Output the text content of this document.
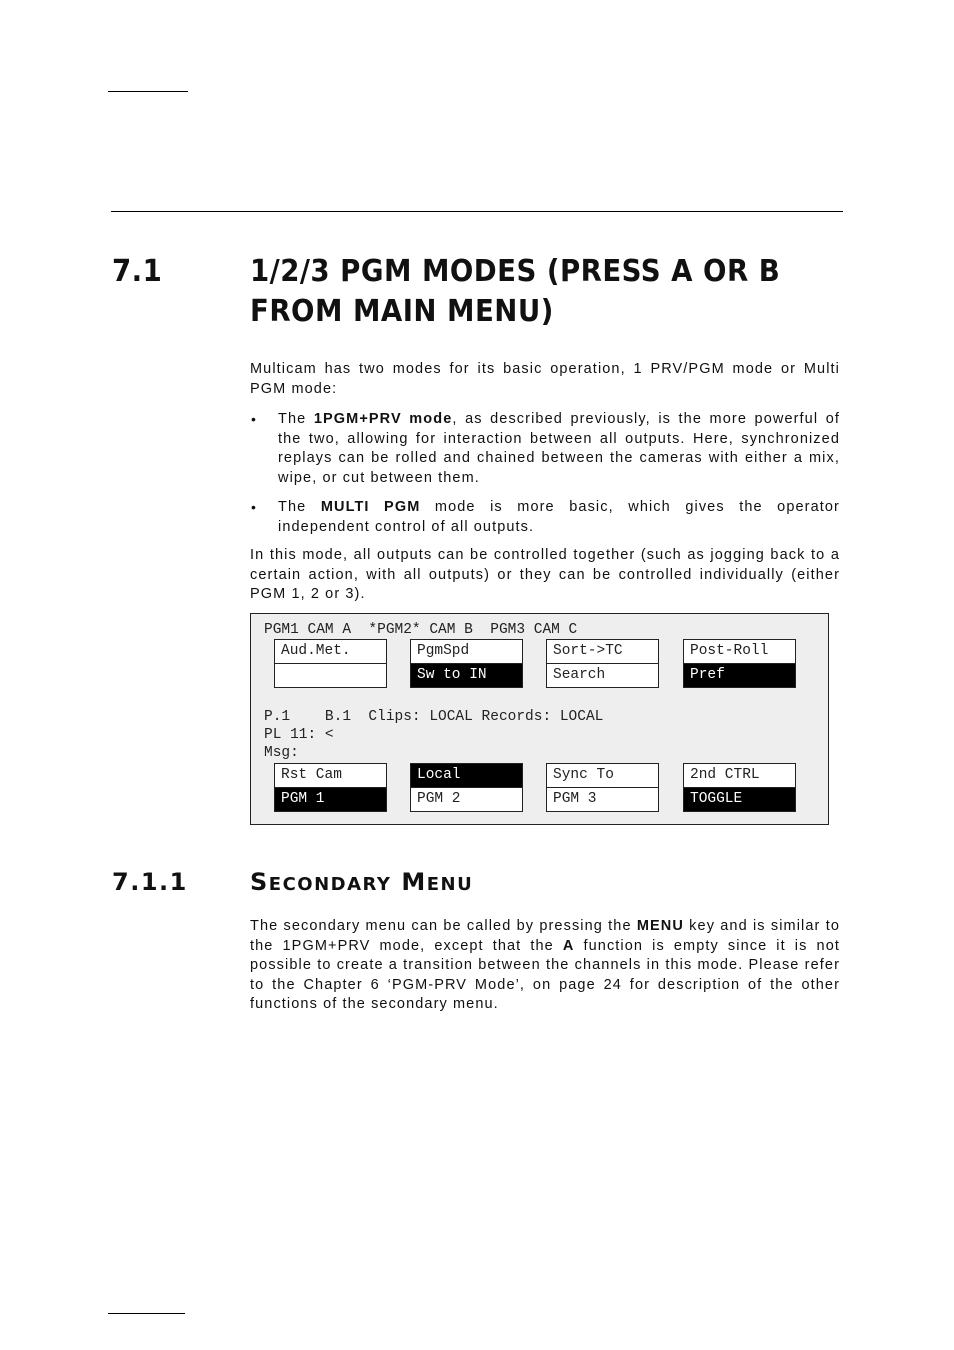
7.1	1/2/3 PGM MODES (PRESS A OR B
FROM MAIN MENU)
Multicam has two modes for its basic operation, 1 PRV/PGM mode or Multi PGM mode:
• The 1PGM+PRV mode, as described previously, is the more powerful of the two, allowing for interaction between all outputs. Here, synchronized replays can be rolled and chained between the cameras with either a mix, wipe, or cut between them.
• The MULTI PGM mode is more basic, which gives the operator independent control of all outputs.
In this mode, all outputs can be controlled together (such as jogging back to a certain action, with all outputs) or they can be controlled individually (either PGM 1, 2 or 3).
PGM1 CAM A  *PGM2* CAM B  PGM3 CAM C
Aud.Met.	PgmSpd
Sw to IN
Sort->TC
Search
Post-Roll
Pref
P.1    B.1  Clips: LOCAL Records: LOCAL
PL 11: <
Msg:
Rst Cam
PGM 1
Local
PGM 2
Sync To
PGM 3
2nd CTRL
TOGGLE
7.1.1	SECONDARY MENU
The secondary menu can be called by pressing the MENU key and is similar to the 1PGM+PRV mode, except that the A function is empty since it is not possible to create a transition between the channels in this mode. Please refer to the Chapter 6 ‘PGM-PRV Mode’, on page 24 for description of the other functions of the secondary menu.
